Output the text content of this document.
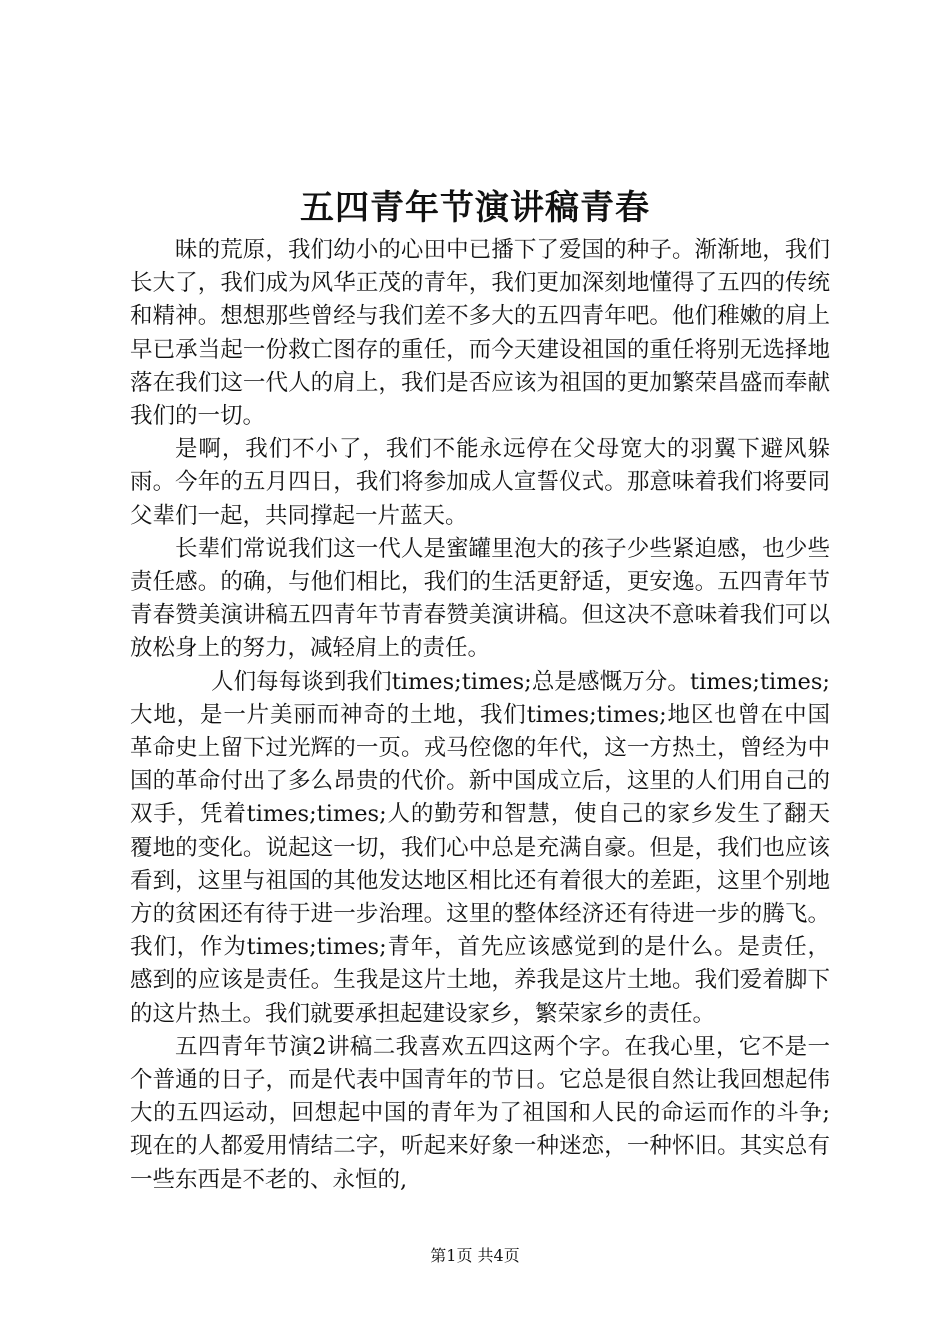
五四青年节演讲稿青春

昧的荒原，我们幼小的心田中已播下了爱国的种子。渐渐地，我们长大了，我们成为风华正茂的青年，我们更加深刻地懂得了五四的传统和精神。想想那些曾经与我们差不多大的五四青年吧。他们稚嫩的肩上早已承当起一份救亡图存的重任，而今天建设祖国的重任将别无选择地落在我们这一代人的肩上，我们是否应该为祖国的更加繁荣昌盛而奉献我们的一切。

是啊，我们不小了，我们不能永远停在父母宽大的羽翼下避风躲雨。今年的五月四日，我们将参加成人宣誓仪式。那意味着我们将要同父辈们一起，共同撑起一片蓝天。

长辈们常说我们这一代人是蜜罐里泡大的孩子少些紧迫感，也少些责任感。的确，与他们相比，我们的生活更舒适，更安逸。五四青年节青春赞美演讲稿五四青年节青春赞美演讲稿。但这决不意味着我们可以放松身上的努力，减轻肩上的责任。

人们每每谈到我们times;times;总是感慨万分。times;times;大地，是一片美丽而神奇的土地，我们times;times;地区也曾在中国革命史上留下过光辉的一页。戎马倥偬的年代，这一方热土，曾经为中国的革命付出了多么昂贵的代价。新中国成立后，这里的人们用自己的双手，凭着times;times;人的勤劳和智慧，使自己的家乡发生了翻天覆地的变化。说起这一切，我们心中总是充满自豪。但是，我们也应该看到，这里与祖国的其他发达地区相比还有着很大的差距，这里个别地方的贫困还有待于进一步治理。这里的整体经济还有待进一步的腾飞。我们，作为times;times;青年，首先应该感觉到的是什么。是责任，感到的应该是责任。生我是这片土地，养我是这片土地。我们爱着脚下的这片热土。我们就要承担起建设家乡，繁荣家乡的责任。

五四青年节演2讲稿二我喜欢五四这两个字。在我心里，它不是一个普通的日子，而是代表中国青年的节日。它总是很自然让我回想起伟大的五四运动，回想起中国的青年为了祖国和人民的命运而作的斗争;现在的人都爱用情结二字，听起来好象一种迷恋，一种怀旧。其实总有一些东西是不老的、永恒的,

第1页 共4页
